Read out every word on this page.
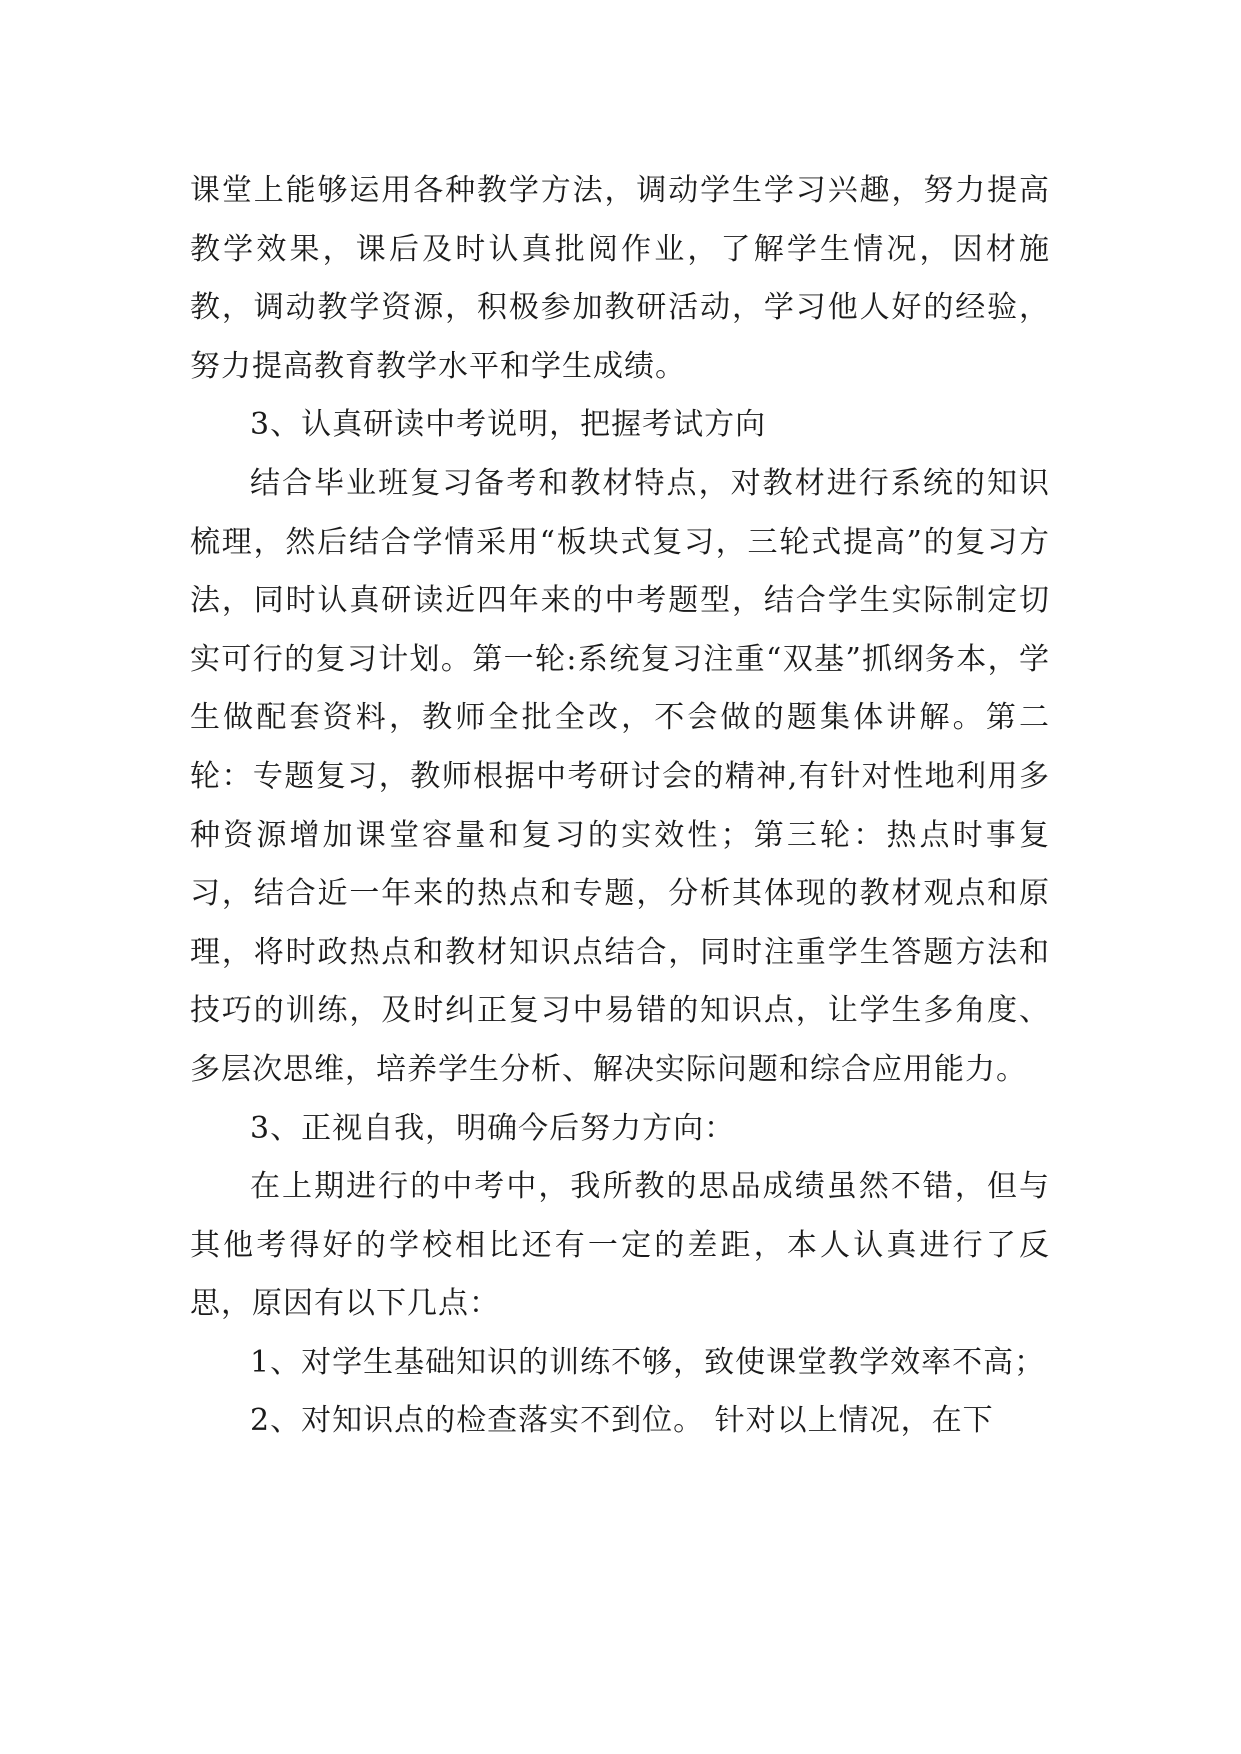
课堂上能够运用各种教学方法，调动学生学习兴趣，努力提高教学效果，课后及时认真批阅作业，了解学生情况，因材施教，调动教学资源，积极参加教研活动，学习他人好的经验，努力提高教育教学水平和学生成绩。

3、认真研读中考说明，把握考试方向

结合毕业班复习备考和教材特点，对教材进行系统的知识梳理，然后结合学情采用“板块式复习，三轮式提高”的复习方法，同时认真研读近四年来的中考题型，结合学生实际制定切实可行的复习计划。第一轮:系统复习注重“双基”抓纲务本，学生做配套资料，教师全批全改，不会做的题集体讲解。第二轮：专题复习，教师根据中考研讨会的精神,有针对性地利用多种资源增加课堂容量和复习的实效性；第三轮：热点时事复习，结合近一年来的热点和专题，分析其体现的教材观点和原理，将时政热点和教材知识点结合，同时注重学生答题方法和技巧的训练，及时纠正复习中易错的知识点，让学生多角度、多层次思维，培养学生分析、解决实际问题和综合应用能力。

3、正视自我，明确今后努力方向：

在上期进行的中考中，我所教的思品成绩虽然不错，但与其他考得好的学校相比还有一定的差距，本人认真进行了反思，原因有以下几点：

1、对学生基础知识的训练不够，致使课堂教学效率不高；

2、对知识点的检查落实不到位。 针对以上情况，在下
